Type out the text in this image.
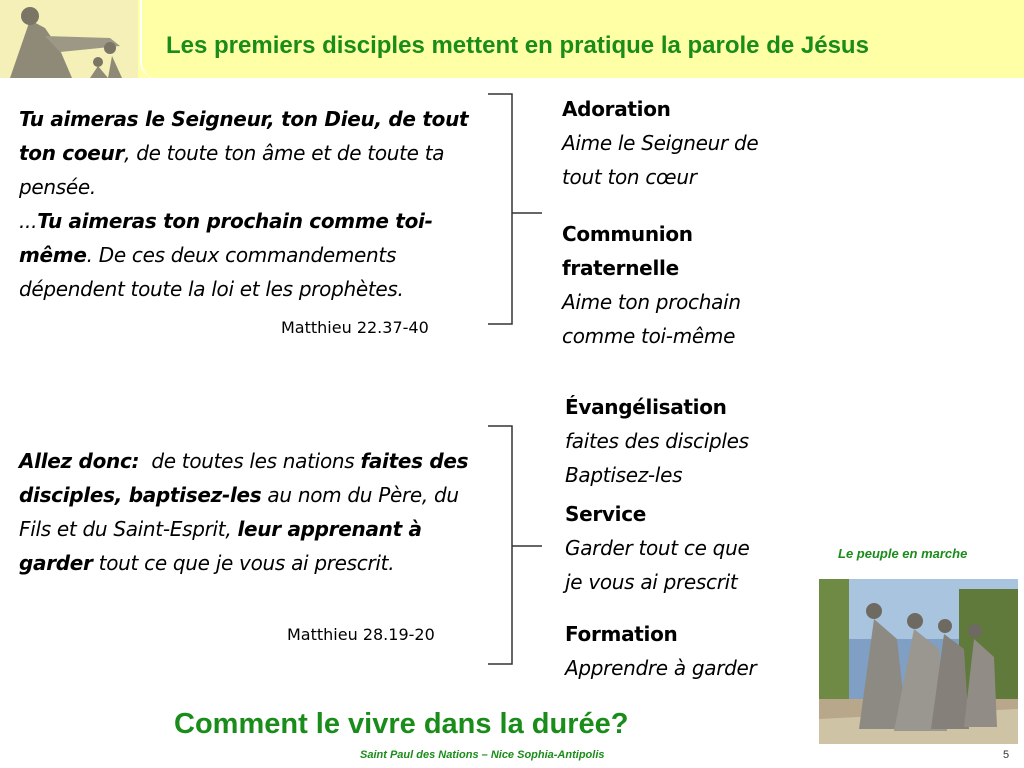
Les premiers disciples mettent en pratique la parole de Jésus
Tu aimeras le Seigneur, ton Dieu, de tout ton coeur, de toute ton âme et de toute ta pensée.
...Tu aimeras ton prochain comme toi-même. De ces deux commandements dépendent toute la loi et les prophètes.
Matthieu 22.37-40
Adoration
Aime le Seigneur de
tout ton cœur
Communion fraternelle
Aime ton prochain
comme toi-même
Allez donc:  de toutes les nations faites des disciples, baptisez-les au nom du Père, du Fils et du Saint-Esprit, leur apprenant à garder tout ce que je vous ai prescrit.
Matthieu 28.19-20
Évangélisation
faites des disciples
Baptisez-les
Service
Garder tout ce que
je vous ai prescrit
Formation
Apprendre à garder
Le peuple en marche
Comment le vivre dans la durée?
Saint Paul des Nations – Nice Sophia-Antipolis	5
